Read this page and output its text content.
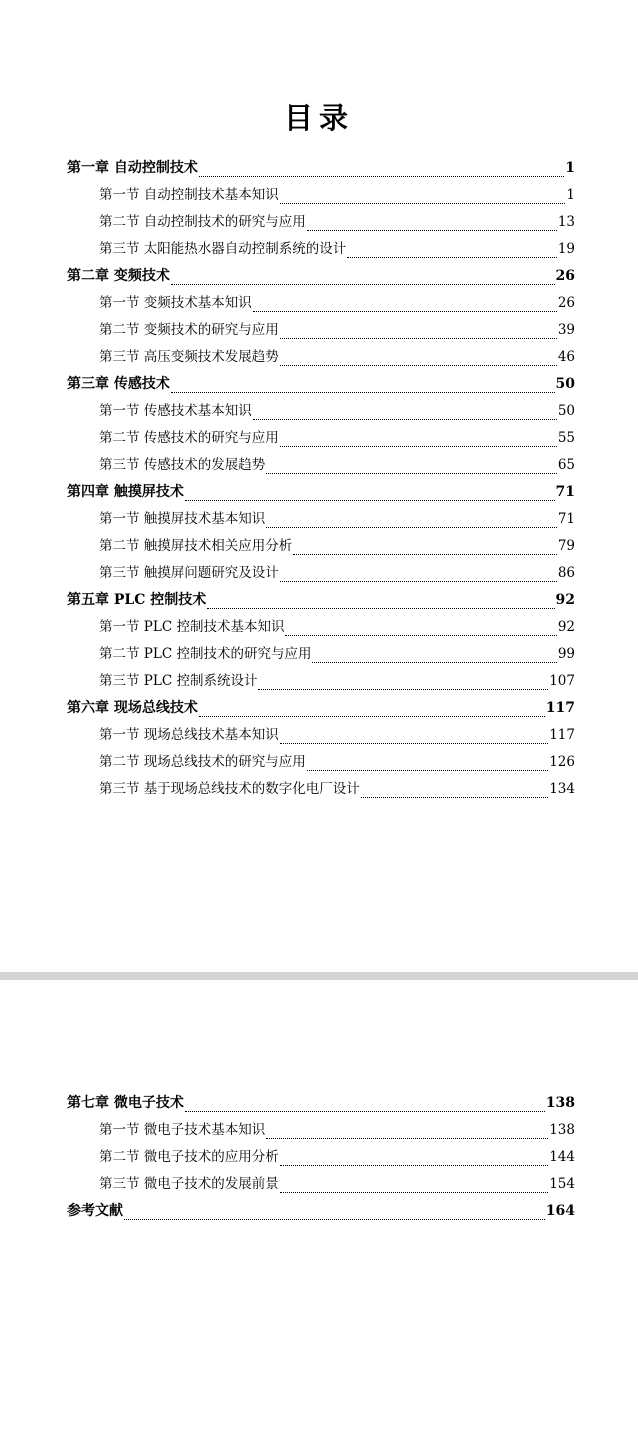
目录
第一章 自动控制技术	1
第一节 自动控制技术基本知识	1
第二节 自动控制技术的研究与应用	13
第三节 太阳能热水器自动控制系统的设计	19
第二章 变频技术	26
第一节 变频技术基本知识	26
第二节 变频技术的研究与应用	39
第三节 高压变频技术发展趋势	46
第三章 传感技术	50
第一节 传感技术基本知识	50
第二节 传感技术的研究与应用	55
第三节 传感技术的发展趋势	65
第四章 触摸屏技术	71
第一节 触摸屏技术基本知识	71
第二节 触摸屏技术相关应用分析	79
第三节 触摸屏问题研究及设计	86
第五章 PLC 控制技术	92
第一节 PLC 控制技术基本知识	92
第二节 PLC 控制技术的研究与应用	99
第三节 PLC 控制系统设计	107
第六章 现场总线技术	117
第一节 现场总线技术基本知识	117
第二节 现场总线技术的研究与应用	126
第三节 基于现场总线技术的数字化电厂设计	134
第七章 微电子技术	138
第一节 微电子技术基本知识	138
第二节 微电子技术的应用分析	144
第三节 微电子技术的发展前景	154
参考文献	164
